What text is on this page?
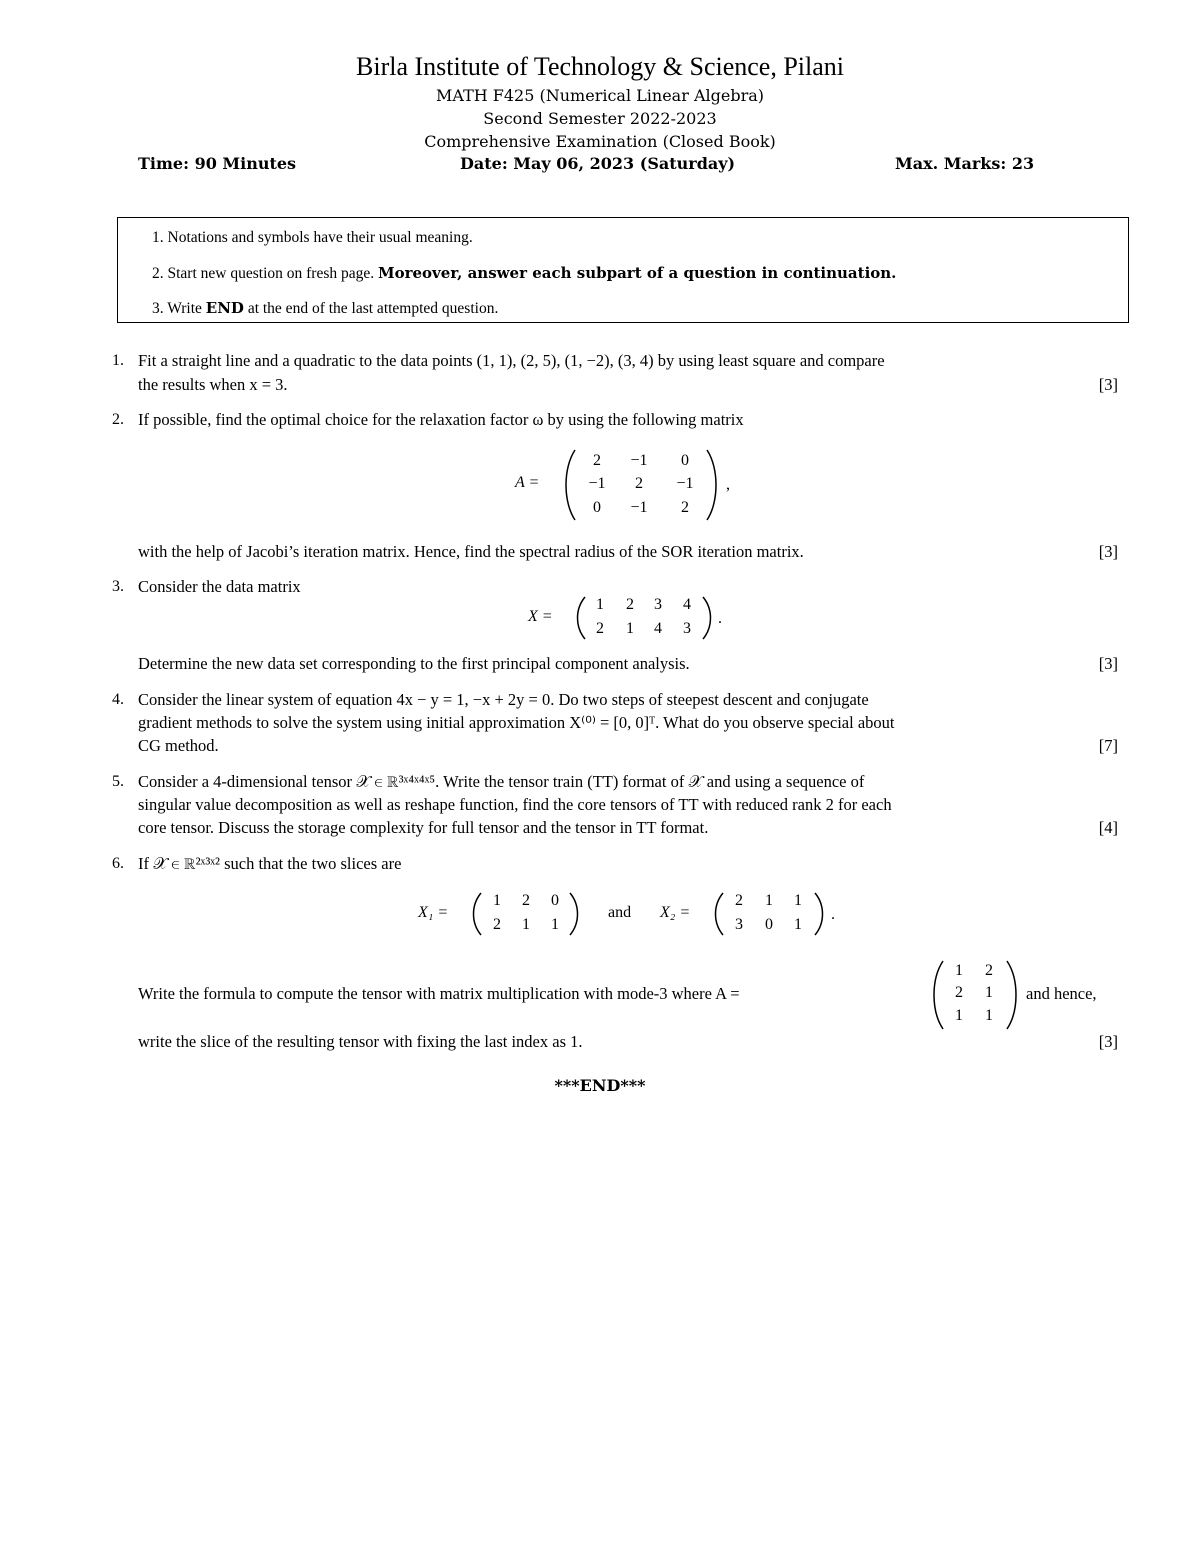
Birla Institute of Technology & Science, Pilani
MATH F425 (Numerical Linear Algebra)
Second Semester 2022-2023
Comprehensive Examination (Closed Book)
Time: 90 Minutes	Date: May 06, 2023 (Saturday)	Max. Marks: 23
1. Notations and symbols have their usual meaning.
2. Start new question on fresh page. Moreover, answer each subpart of a question in continuation.
3. Write END at the end of the last attempted question.
1. Fit a straight line and a quadratic to the data points (1, 1), (2, 5), (1, −2), (3, 4) by using least square and compare
the results when x = 3.	[3]
2. If possible, find the optimal choice for the relaxation factor ω by using the following matrix
A =
2	−1	0
−1	2	−1
0	−1	2
,
with the help of Jacobi’s iteration matrix. Hence, find the spectral radius of the SOR iteration matrix.	[3]
3. Consider the data matrix
X =
1	2	3	4
2	1	4	3
.
Determine the new data set corresponding to the first principal component analysis.	[3]
4. Consider the linear system of equation 4x − y = 1, −x + 2y = 0. Do two steps of steepest descent and conjugate
gradient methods to solve the system using initial approximation X⁽⁰⁾ = [0, 0]ᵀ. What do you observe special about
CG method.	[7]
5. Consider a 4-dimensional tensor 𝒳 ∈ ℝ³ˣ⁴ˣ⁴ˣ⁵. Write the tensor train (TT) format of 𝒳 and using a sequence of
singular value decomposition as well as reshape function, find the core tensors of TT with reduced rank 2 for each
core tensor. Discuss the storage complexity for full tensor and the tensor in TT format.	[4]
6. If 𝒳 ∈ ℝ²ˣ³ˣ² such that the two slices are
X₁ =
1	2	0
2	1	1
and X₂ =
2	1	1
3	0	1
.
Write the formula to compute the tensor with matrix multiplication with mode-3 where A =
1	2
2	1
1	1
and hence,
write the slice of the resulting tensor with fixing the last index as 1.	[3]
***END***
